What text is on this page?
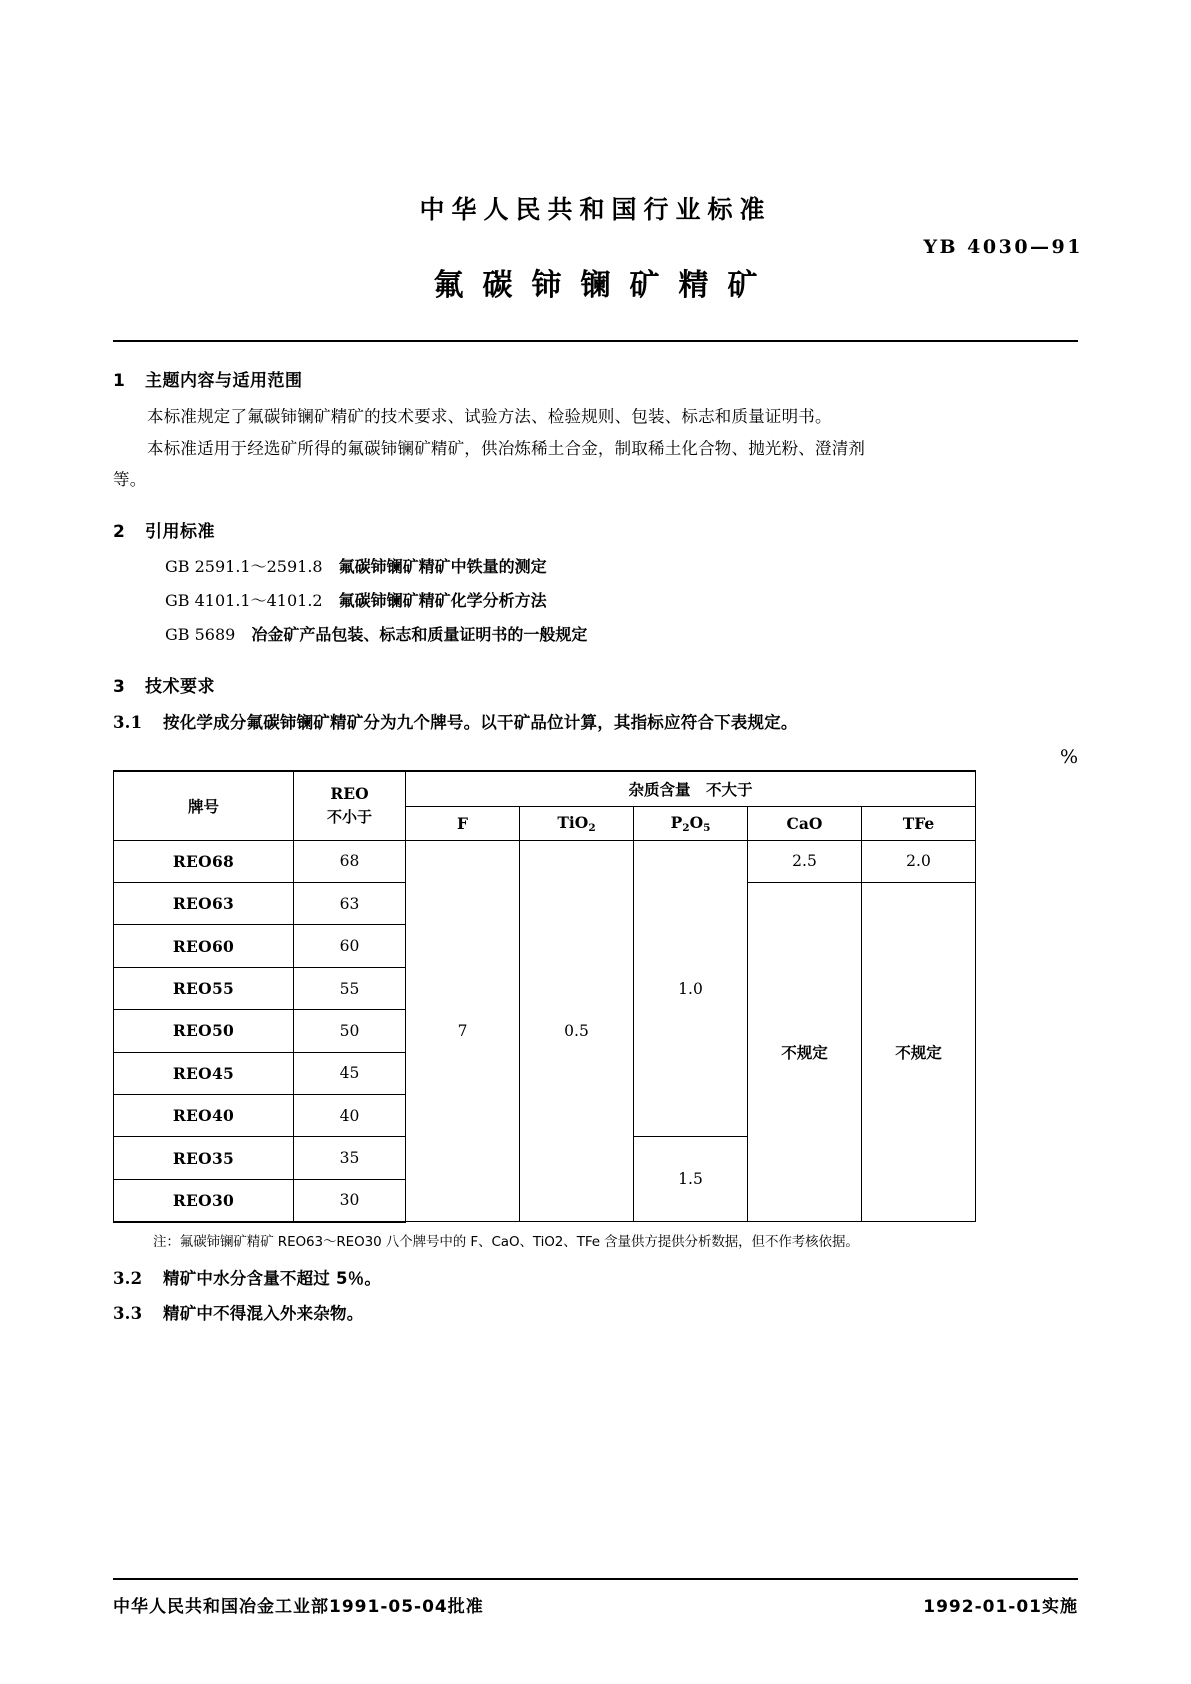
中华人民共和国行业标准
YB 4030—91
氟碳铈镧矿精矿
1 主题内容与适用范围

本标准规定了氟碳铈镧矿精矿的技术要求、试验方法、检验规则、包装、标志和质量证明书。

本标准适用于经选矿所得的氟碳铈镧矿精矿，供冶炼稀土合金，制取稀土化合物、抛光粉、澄清剂

等。

2 引用标准
GB 2591.1～2591.8 氟碳铈镧矿精矿中铁量的测定
GB 4101.1～4101.2 氟碳铈镧矿精矿化学分析方法
GB 5689 冶金矿产品包装、标志和质量证明书的一般规定
3 技术要求
3.1 按化学成分氟碳铈镧矿精矿分为九个牌号。以干矿品位计算，其指标应符合下表规定。
%
牌号	REO
不小于	杂质含量　不大于				
		F	TiO$_2$	$P_2O_5$	CaO	TFe
REO68	68	7	0.5	1.0	2.5	2.0
REO63	63				不规定	不规定
REO60	60					
REO55	55					
REO50	50					
REO45	45					
REO40	40					
REO35	35			1.5		
REO30	30					
注：氟碳铈镧矿精矿 REO63～REO30 八个牌号中的 F、CaO、TiO2、TFe 含量供方提供分析数据，但不作考核依据。
3.2 精矿中水分含量不超过 5％。
3.3 精矿中不得混入外来杂物。
中华人民共和国冶金工业部1991-05-04批准	1992-01-01实施
